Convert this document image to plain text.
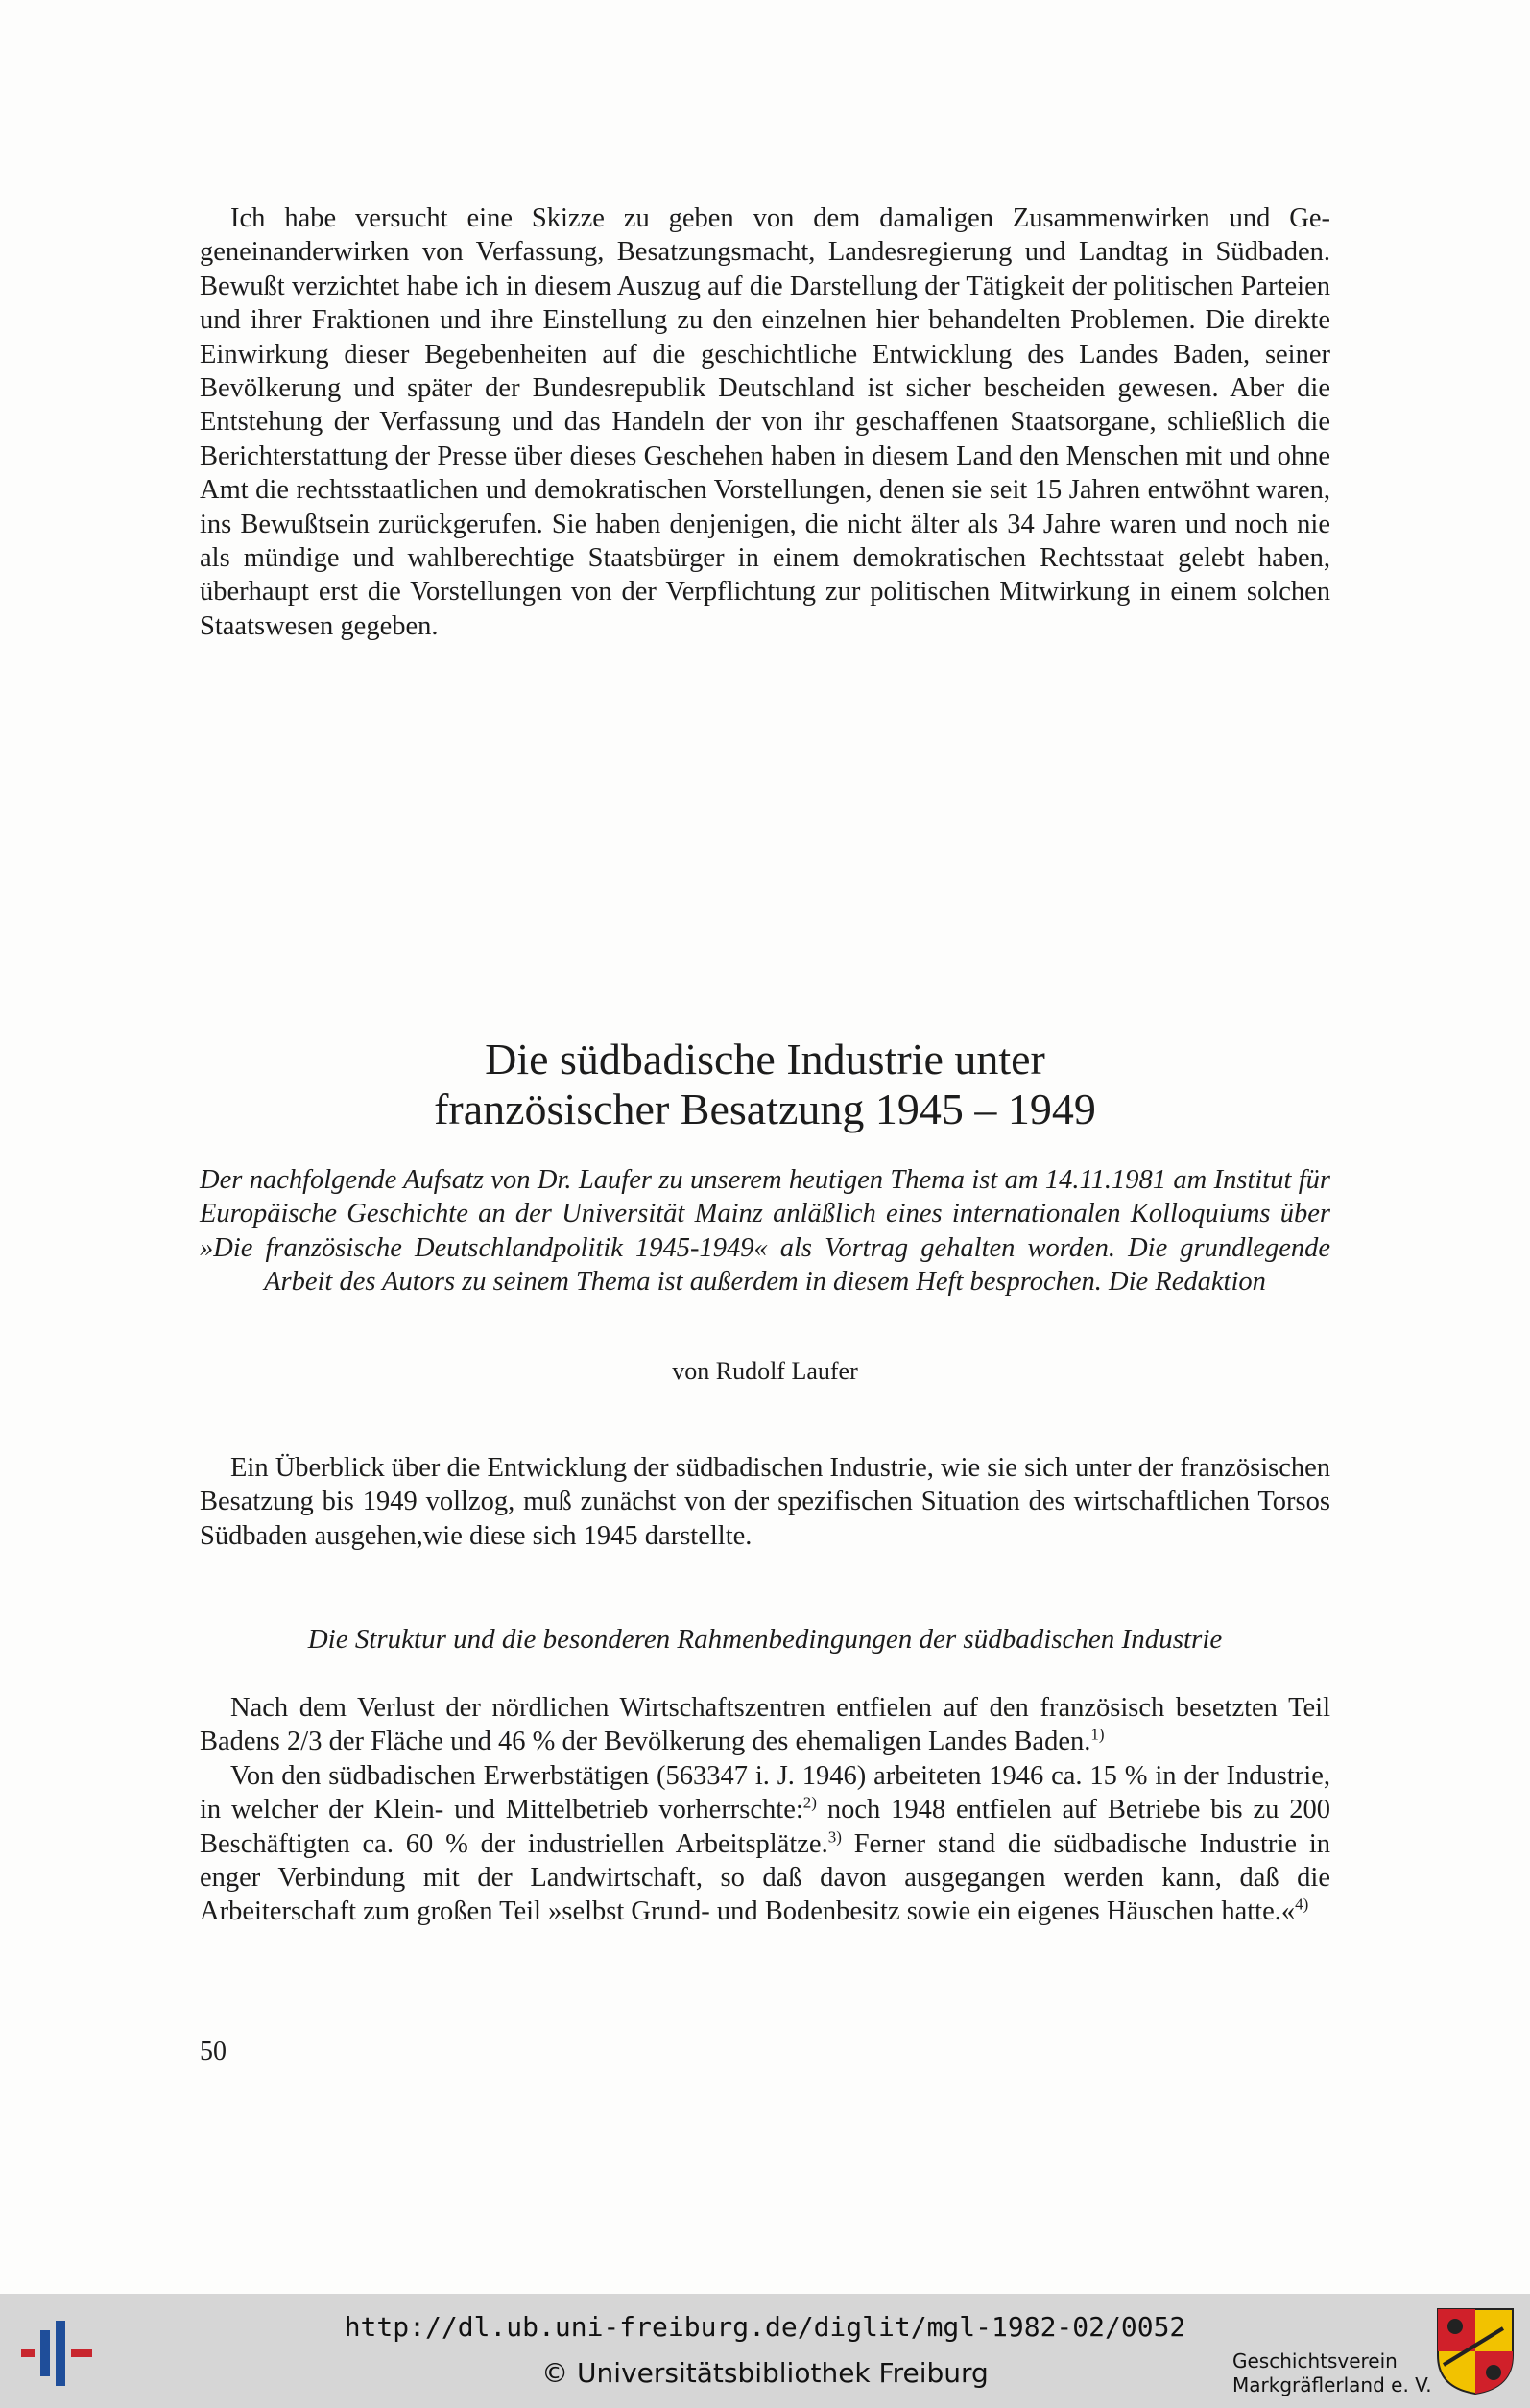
Ich habe versucht eine Skizze zu geben von dem damaligen Zusammenwirken und Gegeneinanderwirken von Verfassung, Besatzungsmacht, Landesregierung und Landtag in Südbaden. Bewußt verzichtet habe ich in diesem Auszug auf die Darstellung der Tätigkeit der politischen Parteien und ihrer Fraktionen und ihre Einstellung zu den einzelnen hier behandelten Problemen. Die direkte Einwirkung dieser Begebenheiten auf die geschichtliche Entwicklung des Landes Baden, seiner Bevölkerung und später der Bundesrepublik Deutschland ist sicher bescheiden gewesen. Aber die Entstehung der Verfassung und das Handeln der von ihr geschaffenen Staatsorgane, schließlich die Berichterstattung der Presse über dieses Geschehen haben in diesem Land den Menschen mit und ohne Amt die rechtsstaatlichen und demokratischen Vorstellungen, denen sie seit 15 Jahren entwöhnt waren, ins Bewußtsein zurückgerufen. Sie haben denjenigen, die nicht älter als 34 Jahre waren und noch nie als mündige und wahlberechtige Staatsbürger in einem demokratischen Rechtsstaat gelebt haben, überhaupt erst die Vorstellungen von der Verpflichtung zur politischen Mitwirkung in einem solchen Staatswesen gegeben.

Die südbadische Industrie unter
französischer Besatzung 1945 – 1949

Der nachfolgende Aufsatz von Dr. Laufer zu unserem heutigen Thema ist am 14.11.1981 am Institut für Europäische Geschichte an der Universität Mainz anläßlich eines internationalen Kolloquiums über »Die französische Deutschlandpolitik 1945-1949« als Vortrag gehalten worden. Die grundlegende Arbeit des Autors zu seinem Thema ist außerdem in diesem Heft besprochen. Die Redaktion

von Rudolf Laufer

Ein Überblick über die Entwicklung der südbadischen Industrie, wie sie sich unter der französischen Besatzung bis 1949 vollzog, muß zunächst von der spezifischen Situation des wirtschaftlichen Torsos Südbaden ausgehen,wie diese sich 1945 darstellte.

Die Struktur und die besonderen Rahmenbedingungen der südbadischen Industrie

Nach dem Verlust der nördlichen Wirtschaftszentren entfielen auf den französisch besetzten Teil Badens 2/3 der Fläche und 46 % der Bevölkerung des ehemaligen Landes Baden.$^{1)}$

Von den südbadischen Erwerbstätigen (563347 i. J. 1946) arbeiteten 1946 ca. 15 % in der Industrie, in welcher der Klein- und Mittelbetrieb vorherrschte:$^{2)}$ noch 1948 entfielen auf Betriebe bis zu 200 Beschäftigten ca. 60 % der industriellen Arbeitsplätze.$^{3)}$ Ferner stand die südbadische Industrie in enger Verbindung mit der Landwirtschaft, so daß davon ausgegangen werden kann, daß die Arbeiterschaft zum großen Teil »selbst Grund- und Bodenbesitz sowie ein eigenes Häuschen hatte.«$^{4)}$

50

http://dl.ub.uni-freiburg.de/diglit/mgl-1982-02/0052
© Universitätsbibliothek Freiburg	Geschichtsverein
Markgräflerland e. V.
